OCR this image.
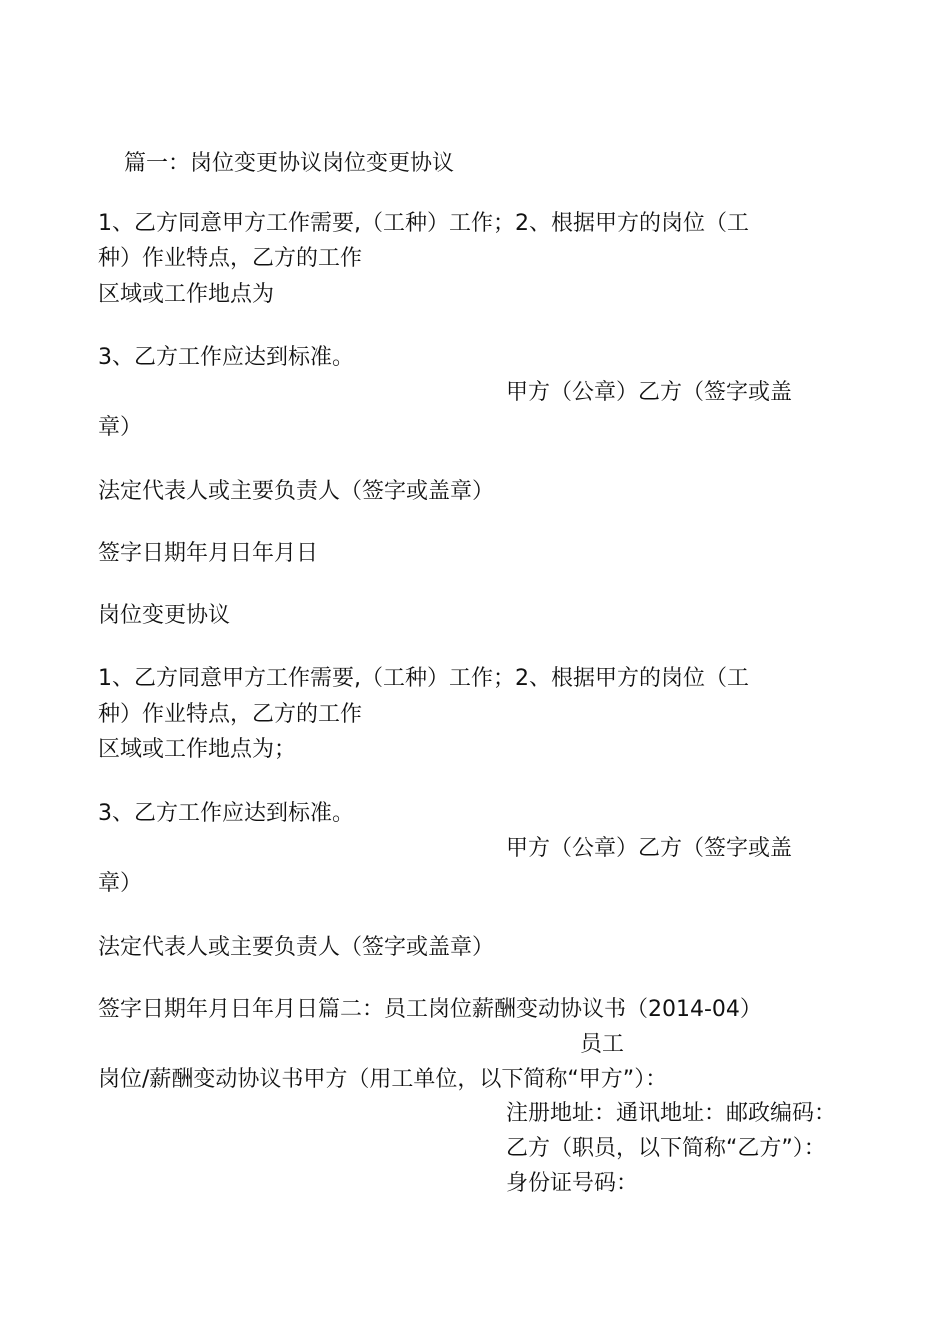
篇一：岗位变更协议岗位变更协议

1、乙方同意甲方工作需要,（工种）工作；2、根据甲方的岗位（工

种）作业特点，乙方的工作

区域或工作地点为

3、乙方工作应达到标准。

甲方（公章）乙方（签字或盖

章）

法定代表人或主要负责人（签字或盖章）

签字日期年月日年月日

岗位变更协议

1、乙方同意甲方工作需要,（工种）工作；2、根据甲方的岗位（工

种）作业特点，乙方的工作

区域或工作地点为；

3、乙方工作应达到标准。

甲方（公章）乙方（签字或盖

章）

法定代表人或主要负责人（签字或盖章）

签字日期年月日年月日篇二：员工岗位薪酬变动协议书（2014-04）

员工

岗位/薪酬变动协议书甲方（用工单位，以下简称“甲方”）：

注册地址：通讯地址：邮政编码：

乙方（职员，以下简称“乙方”）：

身份证号码：
